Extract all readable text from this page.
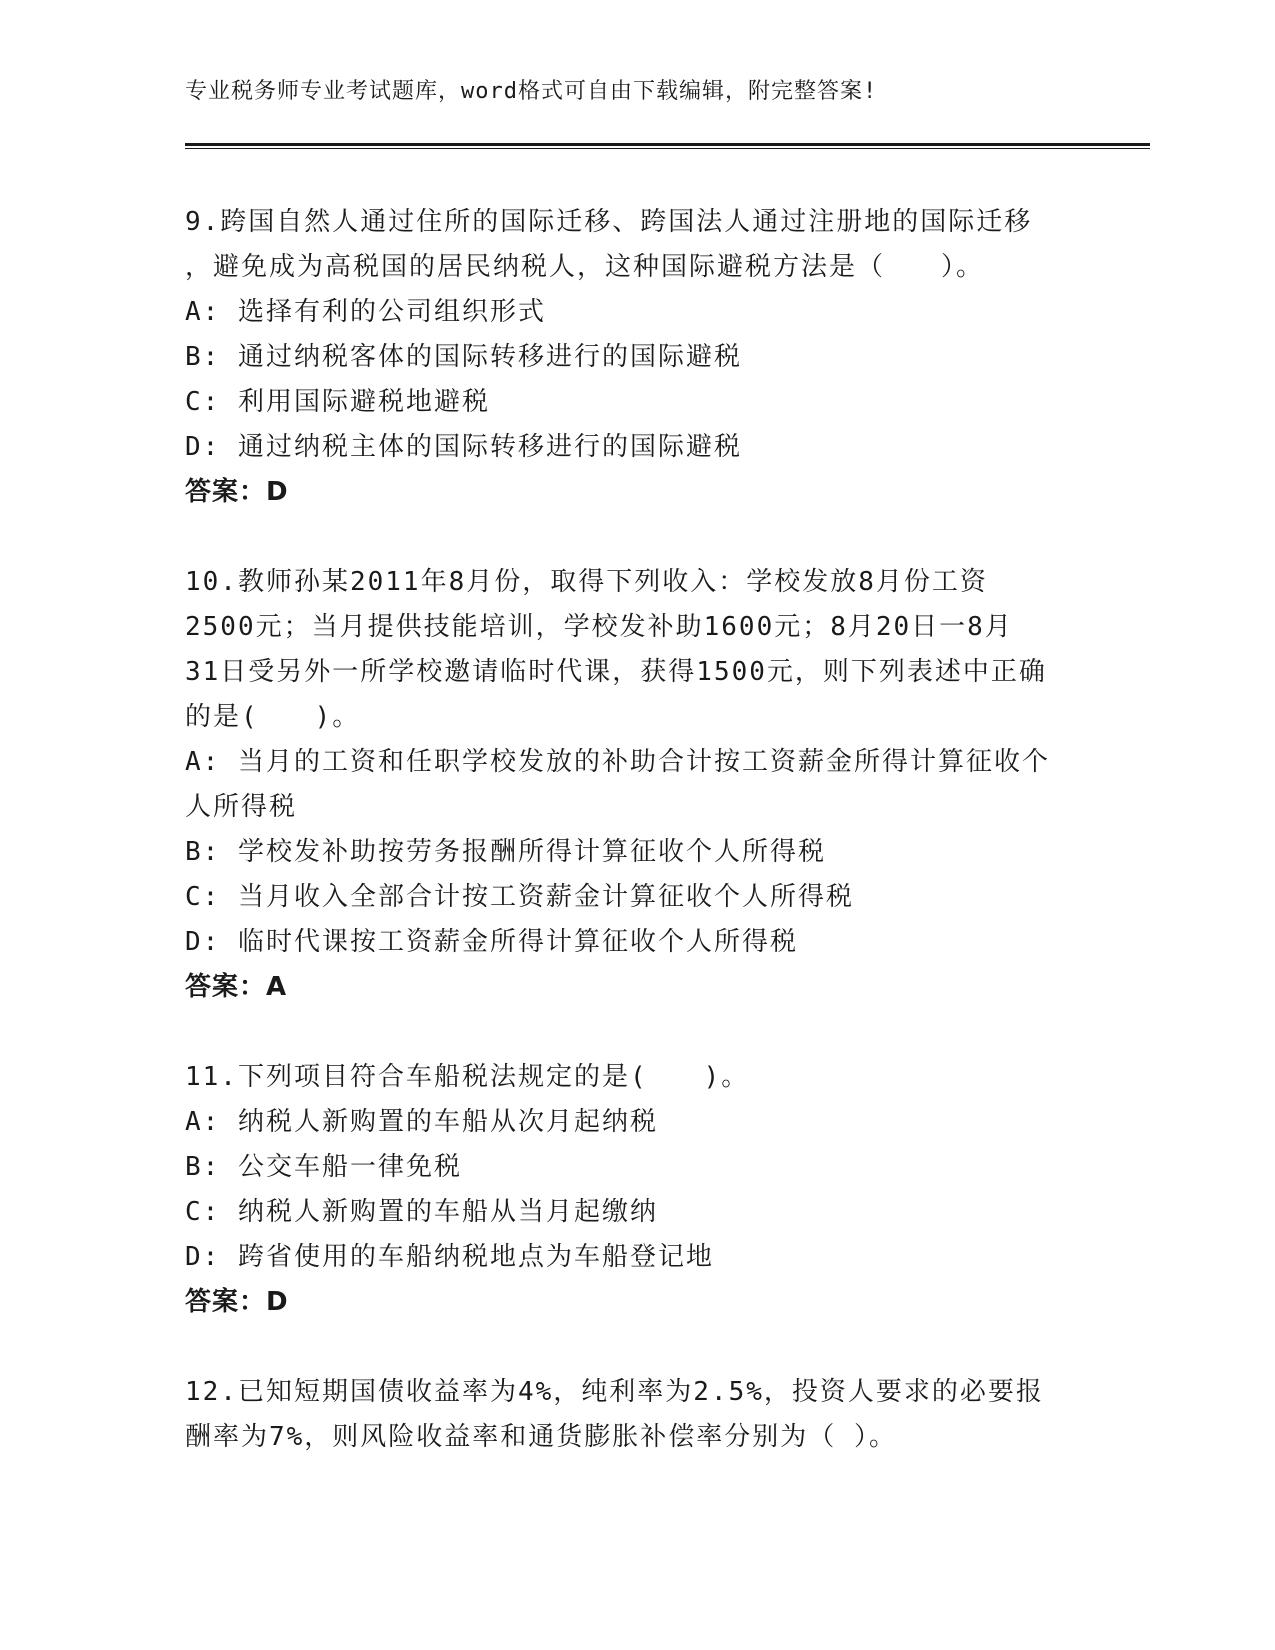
专业税务师专业考试题库，word格式可自由下载编辑，附完整答案!

9.跨国自然人通过住所的国际迁移、跨国法人通过注册地的国际迁移

，避免成为高税国的居民纳税人，这种国际避税方法是（　　）。

A: 选择有利的公司组织形式

B: 通过纳税客体的国际转移进行的国际避税

C: 利用国际避税地避税

D: 通过纳税主体的国际转移进行的国际避税

答案：D

10.教师孙某2011年8月份，取得下列收入：学校发放8月份工资

2500元；当月提供技能培训，学校发补助1600元；8月20日一8月

31日受另外一所学校邀请临时代课，获得1500元，则下列表述中正确

的是(　　)。

A: 当月的工资和任职学校发放的补助合计按工资薪金所得计算征收个

人所得税

B: 学校发补助按劳务报酬所得计算征收个人所得税

C: 当月收入全部合计按工资薪金计算征收个人所得税

D: 临时代课按工资薪金所得计算征收个人所得税

答案：A

11.下列项目符合车船税法规定的是(　　)。

A: 纳税人新购置的车船从次月起纳税

B: 公交车船一律免税

C: 纳税人新购置的车船从当月起缴纳

D: 跨省使用的车船纳税地点为车船登记地

答案：D

12.已知短期国债收益率为4%，纯利率为2.5%，投资人要求的必要报

酬率为7%，则风险收益率和通货膨胀补偿率分别为（ ）。
